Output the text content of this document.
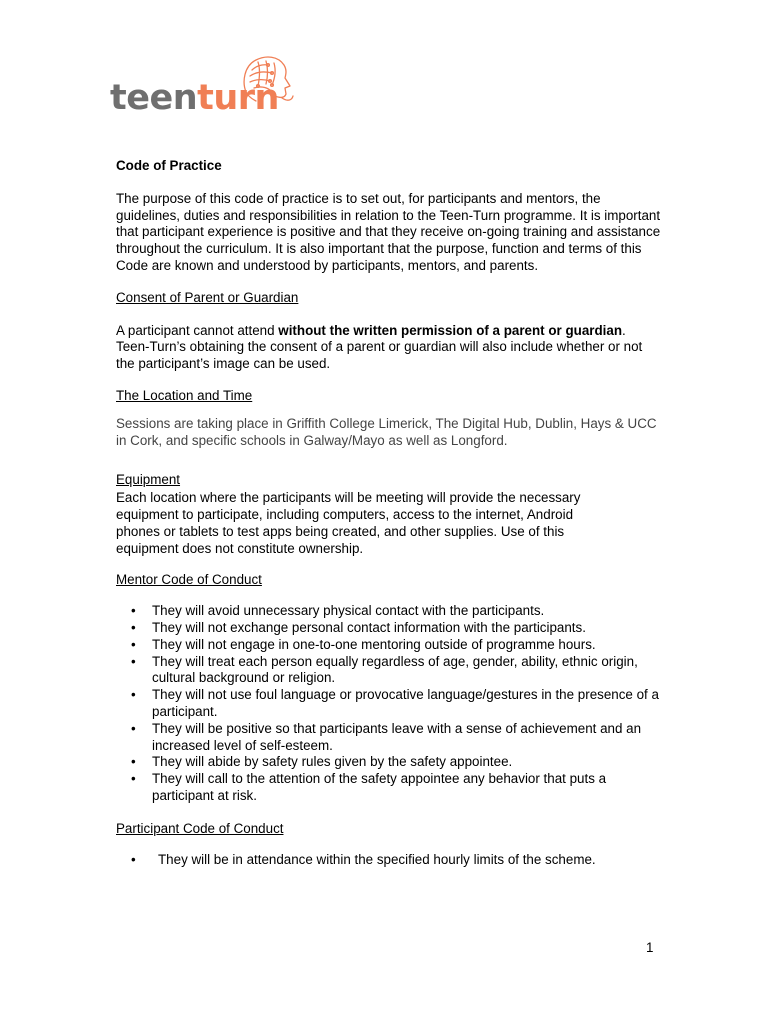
teenturn

Code of Practice

The purpose of this code of practice is to set out, for participants and mentors, the guidelines, duties and responsibilities in relation to the Teen-Turn programme. It is important that participant experience is positive and that they receive on-going training and assistance throughout the curriculum. It is also important that the purpose, function and terms of this Code are known and understood by participants, mentors, and parents.

Consent of Parent or Guardian

A participant cannot attend without the written permission of a parent or guardian. Teen-Turn’s obtaining the consent of a parent or guardian will also include whether or not the participant’s image can be used.

The Location and Time

Sessions are taking place in Griffith College Limerick, The Digital Hub, Dublin, Hays & UCC in Cork, and specific schools in Galway/Mayo as well as Longford.

Equipment

Each location where the participants will be meeting will provide the necessary equipment to participate, including computers, access to the internet, Android phones or tablets to test apps being created, and other supplies. Use of this equipment does not constitute ownership.

Mentor Code of Conduct

• They will avoid unnecessary physical contact with the participants.
• They will not exchange personal contact information with the participants.
• They will not engage in one-to-one mentoring outside of programme hours.
• They will treat each person equally regardless of age, gender, ability, ethnic origin, cultural background or religion.
• They will not use foul language or provocative language/gestures in the presence of a participant.
• They will be positive so that participants leave with a sense of achievement and an increased level of self-esteem.
• They will abide by safety rules given by the safety appointee.
• They will call to the attention of the safety appointee any behavior that puts a participant at risk.

Participant Code of Conduct

• They will be in attendance within the specified hourly limits of the scheme.
1
